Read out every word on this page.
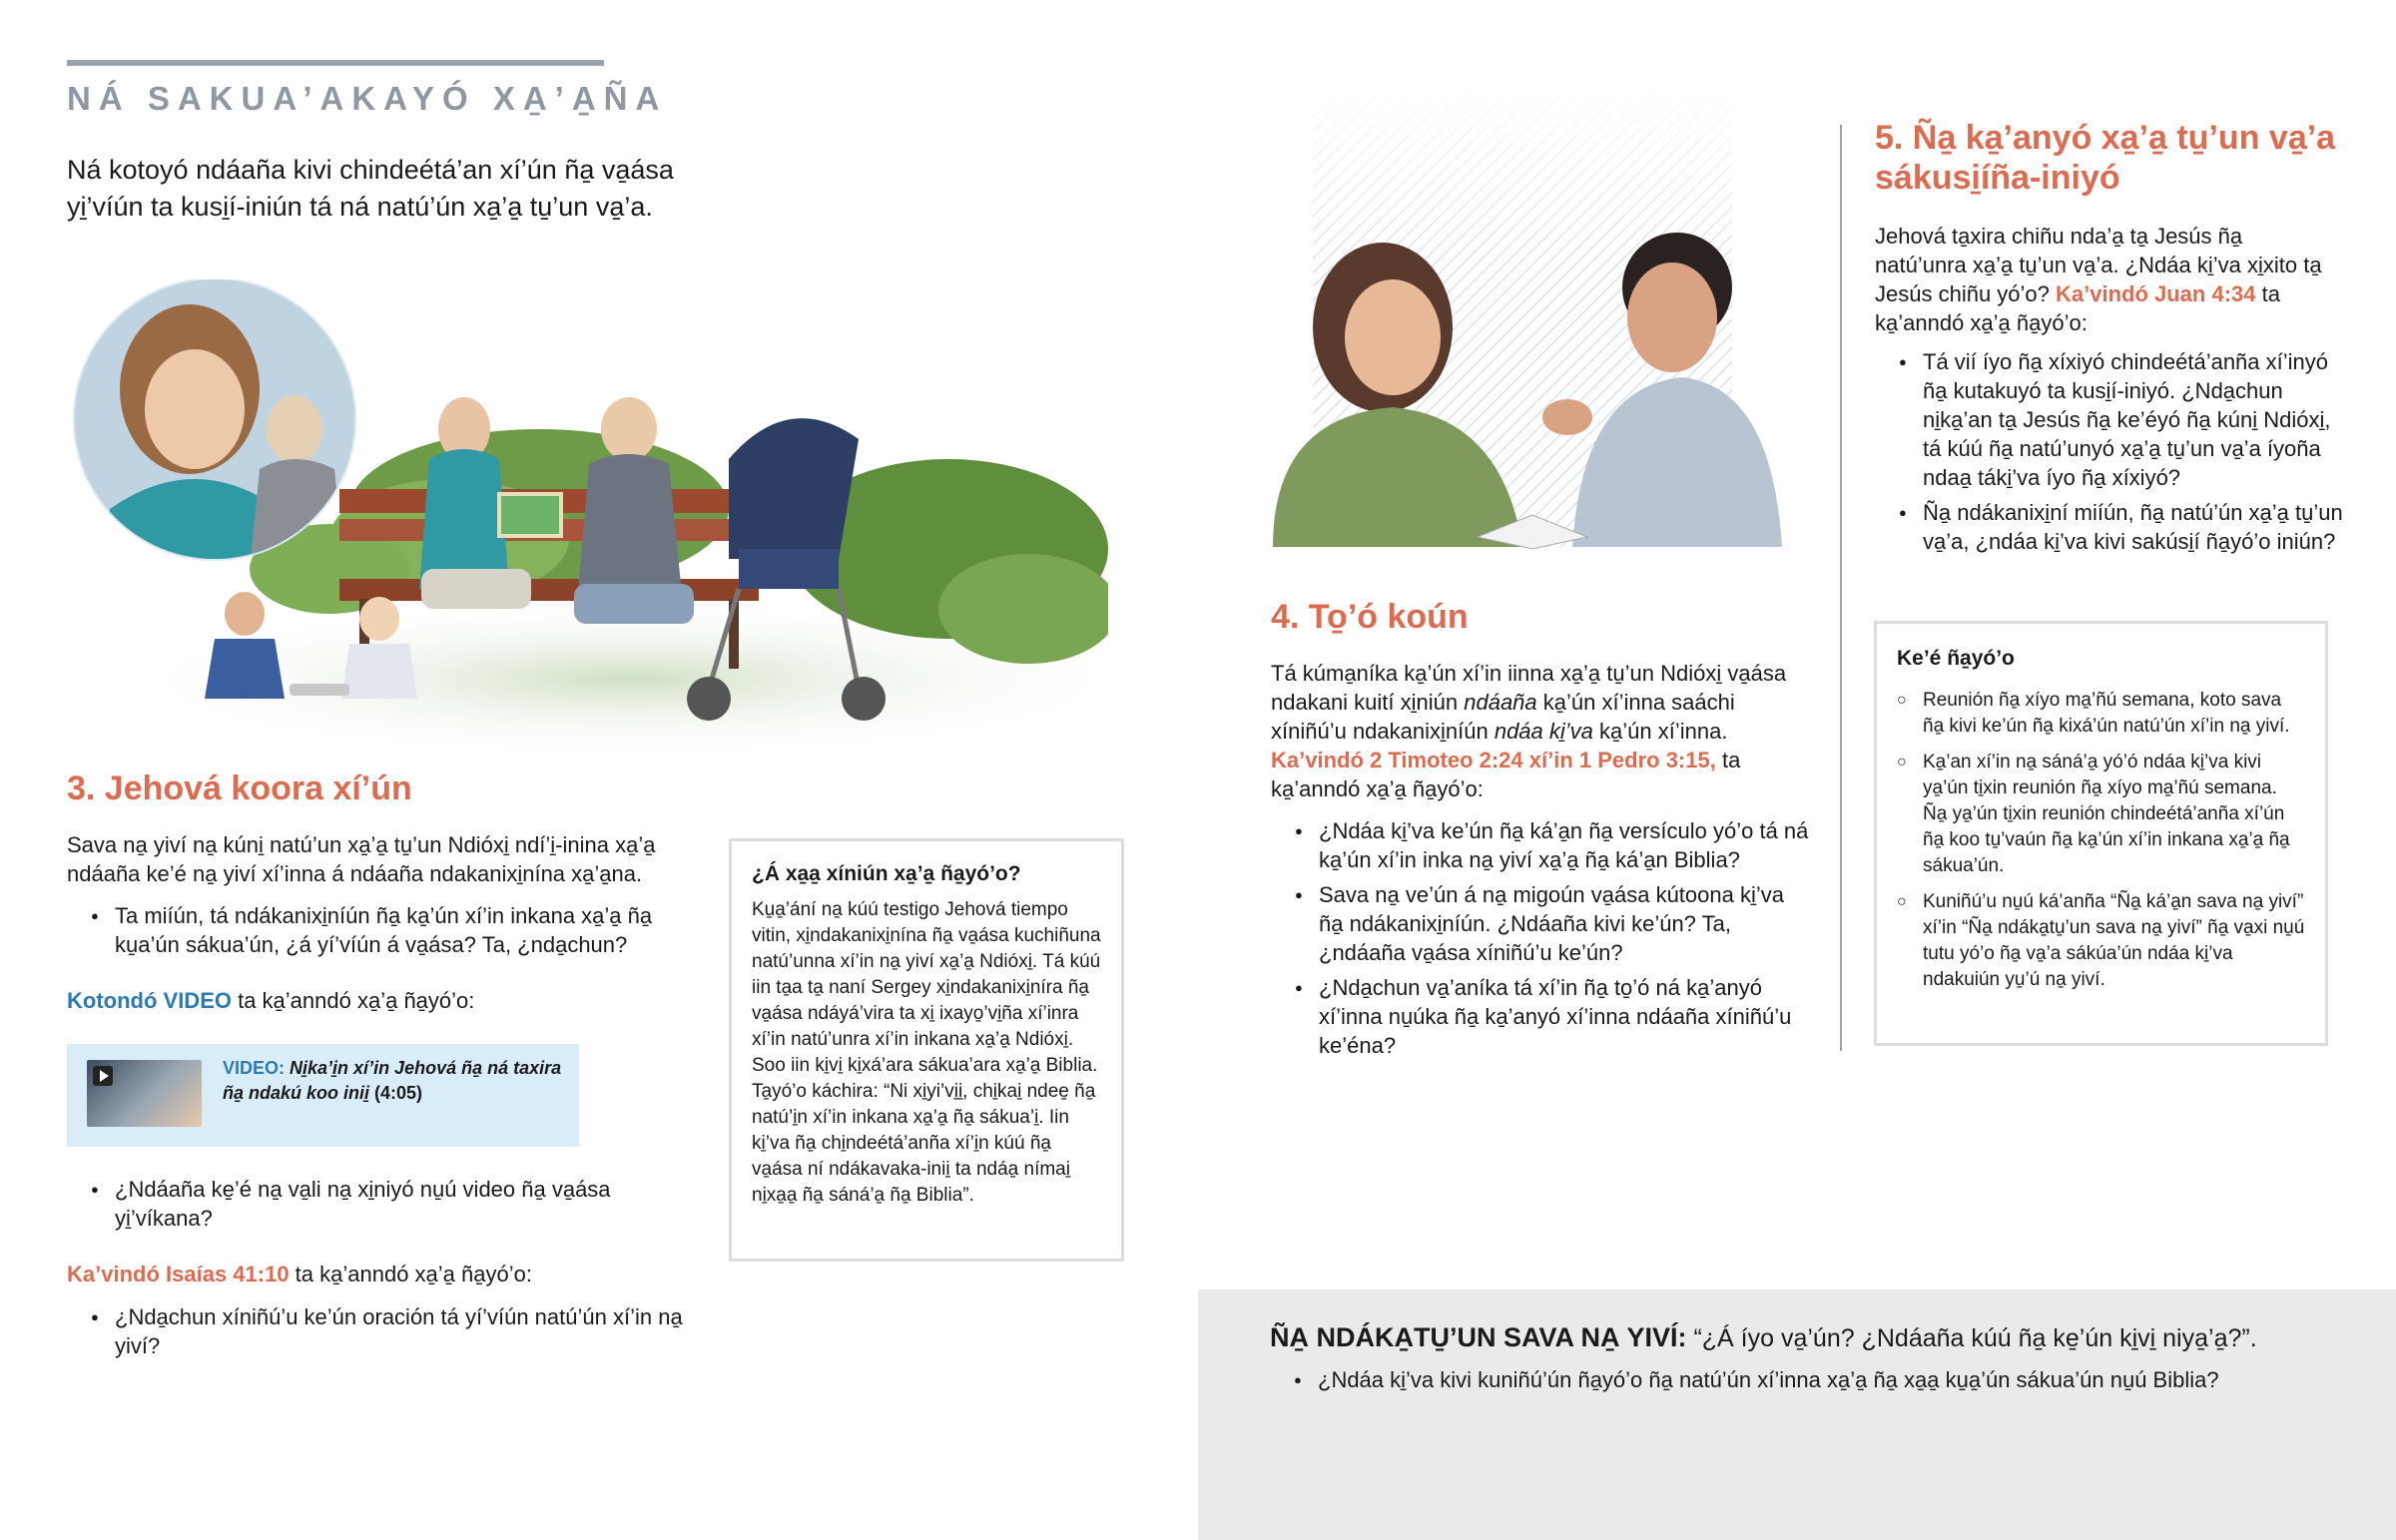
NÁ SAKUA’AKAYÓ XA̱’A̱ÑA
Ná kotoyó ndáaña kivi chindeétá’an xí’ún ña̱ va̱ása yi̱’víún ta kusi̱í-iniún tá ná natú’ún xa̱’a̱ tu̱’un va̱’a.
3. Jehová koora xí’ún
Sava na̱ yiví na̱ kúni̱ natú’un xa̱’a̱ tu̱’un Ndióxi̱ ndí’i̱-inina xa̱’a̱ ndáaña ke’é na̱ yiví xí’inna á ndáaña ndakanixi̱nína xa̱’a̱na.
● Ta miíún, tá ndákanixi̱níún ña̱ ka̱’ún xí’in inkana xa̱’a̱ ña̱ ku̱a’ún sákua’ún, ¿á yí’víún á va̱ása? Ta, ¿nda̱chun?
Kotondó VIDEO ta ka̱’anndó xa̱’a̱ ña̱yó’o:
VIDEO: Ni̱ka’i̱n xí’in Jehová ña̱ ná taxira ña̱ ndakú koo inii̱ (4:05)
● ¿Ndáaña ke̱’é na̱ va̱li na̱ xi̱niyó nu̱ú video ña̱ va̱ása yi̱’víkana?
Ka’vindó Isaías 41:10 ta ka̱’anndó xa̱’a̱ ña̱yó’o:
● ¿Nda̱chun xíniñú’u ke’ún oración tá yí’víún natú’ún xí’in na̱ yiví?
¿Á xa̱a̱ xíniún xa̱’a̱ ña̱yó’o?
Ku̱a̱’ání na̱ kúú testigo Jehová tiempo vitin, xi̱ndakanixi̱nína ña̱ va̱ása kuchiñuna natú’unna xí’in na̱ yiví xa̱’a̱ Ndióxi̱. Tá kúú iin ta̱a ta̱ naní Sergey xi̱ndakanixi̱níra ña̱ va̱ása ndáyá’vira ta xi̱ ixayo̱’vi̱ña xí’inra xí’in natú’unra xí’in inkana xa̱’a̱ Ndióxi̱. Soo iin ki̱vi̱ ki̱xá’ara sákua’ara xa̱’a̱ Biblia. Ta̱yó’o káchira: “Ni xi̱yi’vi̱i̱, chi̱kai̱ ndee̱ ña̱ natú’i̱n xí’in inkana xa̱’a̱ ña̱ sákua’i̱. Iin ki̱’va ña̱ chi̱ndeétá’anña xí’i̱n kúú ña̱ va̱ása ní ndákavaka-inii̱ ta ndáa̱ nímai̱ ni̱xa̱a̱ ña̱ sáná’a̱ ña̱ Biblia”.
4. To̱’ó koún
Tá kúma̱níka ka̱’ún xí’in iinna xa̱’a̱ tu̱’un Ndióxi̱ va̱ása ndakani kuití xi̱niún ndáaña ka̱’ún xí’inna saáchi xíniñú’u ndakanixi̱níún ndáa ki̱’va ka̱’ún xí’inna. Ka’vindó 2 Timoteo 2:24 xí’in 1 Pedro 3:15, ta ka̱’anndó xa̱’a̱ ña̱yó’o:
● ¿Ndáa ki̱’va ke’ún ña̱ ká’a̱n ña̱ versículo yó’o tá ná ka̱’ún xí’in inka na̱ yiví xa̱’a̱ ña̱ ká’a̱n Biblia?
● Sava na̱ ve’ún á na̱ migoún va̱ása kútoona ki̱’va ña̱ ndákanixi̱níún. ¿Ndáaña kivi ke’ún? Ta, ¿ndáaña va̱ása xíniñú’u ke’ún?
● ¿Nda̱chun va̱’aníka tá xí’in ña̱ to̱’ó ná ka̱’anyó xí’inna nu̱úka ña̱ ka̱’anyó xí’inna ndáaña xíniñú’u ke’éna?
5. Ña̱ ka̱’anyó xa̱’a̱ tu̱’un va̱’a sákusi̱íña-iniyó
Jehová ta̱xira chiñu nda’a̱ ta̱ Jesús ña̱ natú’unra xa̱’a̱ tu̱’un va̱’a. ¿Ndáa ki̱’va xi̱xito ta̱ Jesús chiñu yó’o? Ka’vindó Juan 4:34 ta ka̱’anndó xa̱’a̱ ña̱yó’o:
● Tá vií íyo ña̱ xíxiyó chindeétá’anña xí’inyó ña̱ kutakuyó ta kusi̱í-iniyó. ¿Nda̱chun ni̱ka̱’an ta̱ Jesús ña̱ ke’éyó ña̱ kúni̱ Ndióxi̱, tá kúú ña̱ natú’unyó xa̱’a̱ tu̱’un va̱’a íyoña ndaa̱ táki̱’va íyo ña̱ xíxiyó?
● Ña̱ ndákanixi̱ní miíún, ña̱ natú’ún xa̱’a̱ tu̱’un va̱’a, ¿ndáa ki̱’va kivi sakúsi̱í ña̱yó’o iniún?
Ke’é ña̱yó’o
○ Reunión ña̱ xíyo ma̱’ñú semana, koto sava ña̱ kivi ke’ún ña̱ kixá’ún natú’ún xí’in na̱ yiví.
○ Ka̱’an xí’in na̱ sáná’a̱ yó’ó ndáa ki̱’va kivi ya̱’ún ti̱xin reunión ña̱ xíyo ma̱’ñú semana. Ña̱ ya̱’ún ti̱xin reunión chindeétá’anña xí’ún ña̱ koo tu̱’vaún ña̱ ka̱’ún xí’in inkana xa̱’a̱ ña̱ sákua’ún.
○ Kuniñú’u nu̱ú ká’anña “Ña̱ ká’a̱n sava na̱ yiví” xí’in “Ña̱ ndáka̱tu̱’un sava na̱ yiví” ña̱ va̱xi nu̱ú tutu yó’o ña̱ va̱’a sákúa’ún ndáa ki̱’va ndakuiún yu̱’ú na̱ yiví.
ÑA̱ NDÁKA̱TU̱’UN SAVA NA̱ YIVÍ: “¿Á íyo va̱’ún? ¿Ndáaña kúú ña̱ ke̱’ún ki̱vi̱ niya̱’a̱?”.
● ¿Ndáa ki̱’va kivi kuniñú’ún ña̱yó’o ña̱ natú’ún xí’inna xa̱’a̱ ña̱ xa̱a̱ ku̱a̱’ún sákua’ún nu̱ú Biblia?
